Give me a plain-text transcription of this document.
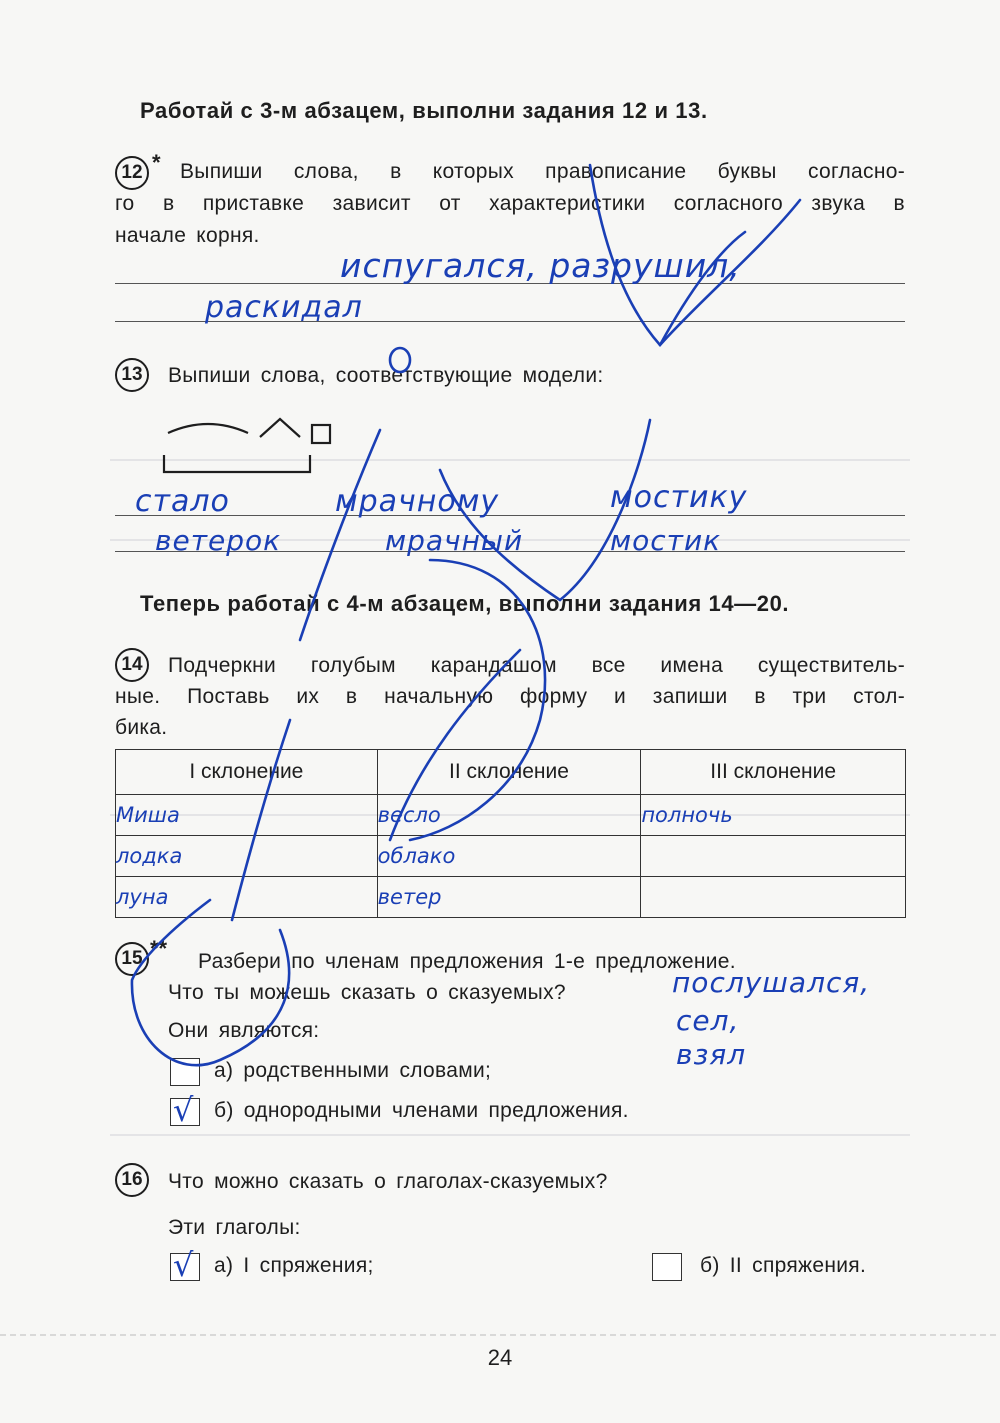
Работай с 3-м абзацем, выполни задания 12 и 13.
12 * Выпиши слова, в которых правописание буквы согласно-
го в приставке зависит от характеристики согласного звука в
начале корня.
испугался, разрушил,
раскидал
13	Выпиши слова, соответствующие модели:
стало	мрачному	мостику
ветерок	мрачный	мостик
Теперь работай с 4-м абзацем, выполни задания 14—20.
14	Подчеркни голубым карандашом все имена существитель-
ные. Поставь их в начальную форму и запиши в три стол-
бика.
I склонение	II склонение	III склонение
Миша	весло	полночь
лодка	облако	
луна	ветер	
15 **
Разбери по членам предложения 1-е предложение.
Что ты можешь сказать о сказуемых?	послушался,
сел,
взял
Они являются:
а) родственными словами;
√ б) однородными членами предложения.
16	Что можно сказать о глаголах-сказуемых?
Эти глаголы:
√ а) I спряжения;	б) II спряжения.
24
